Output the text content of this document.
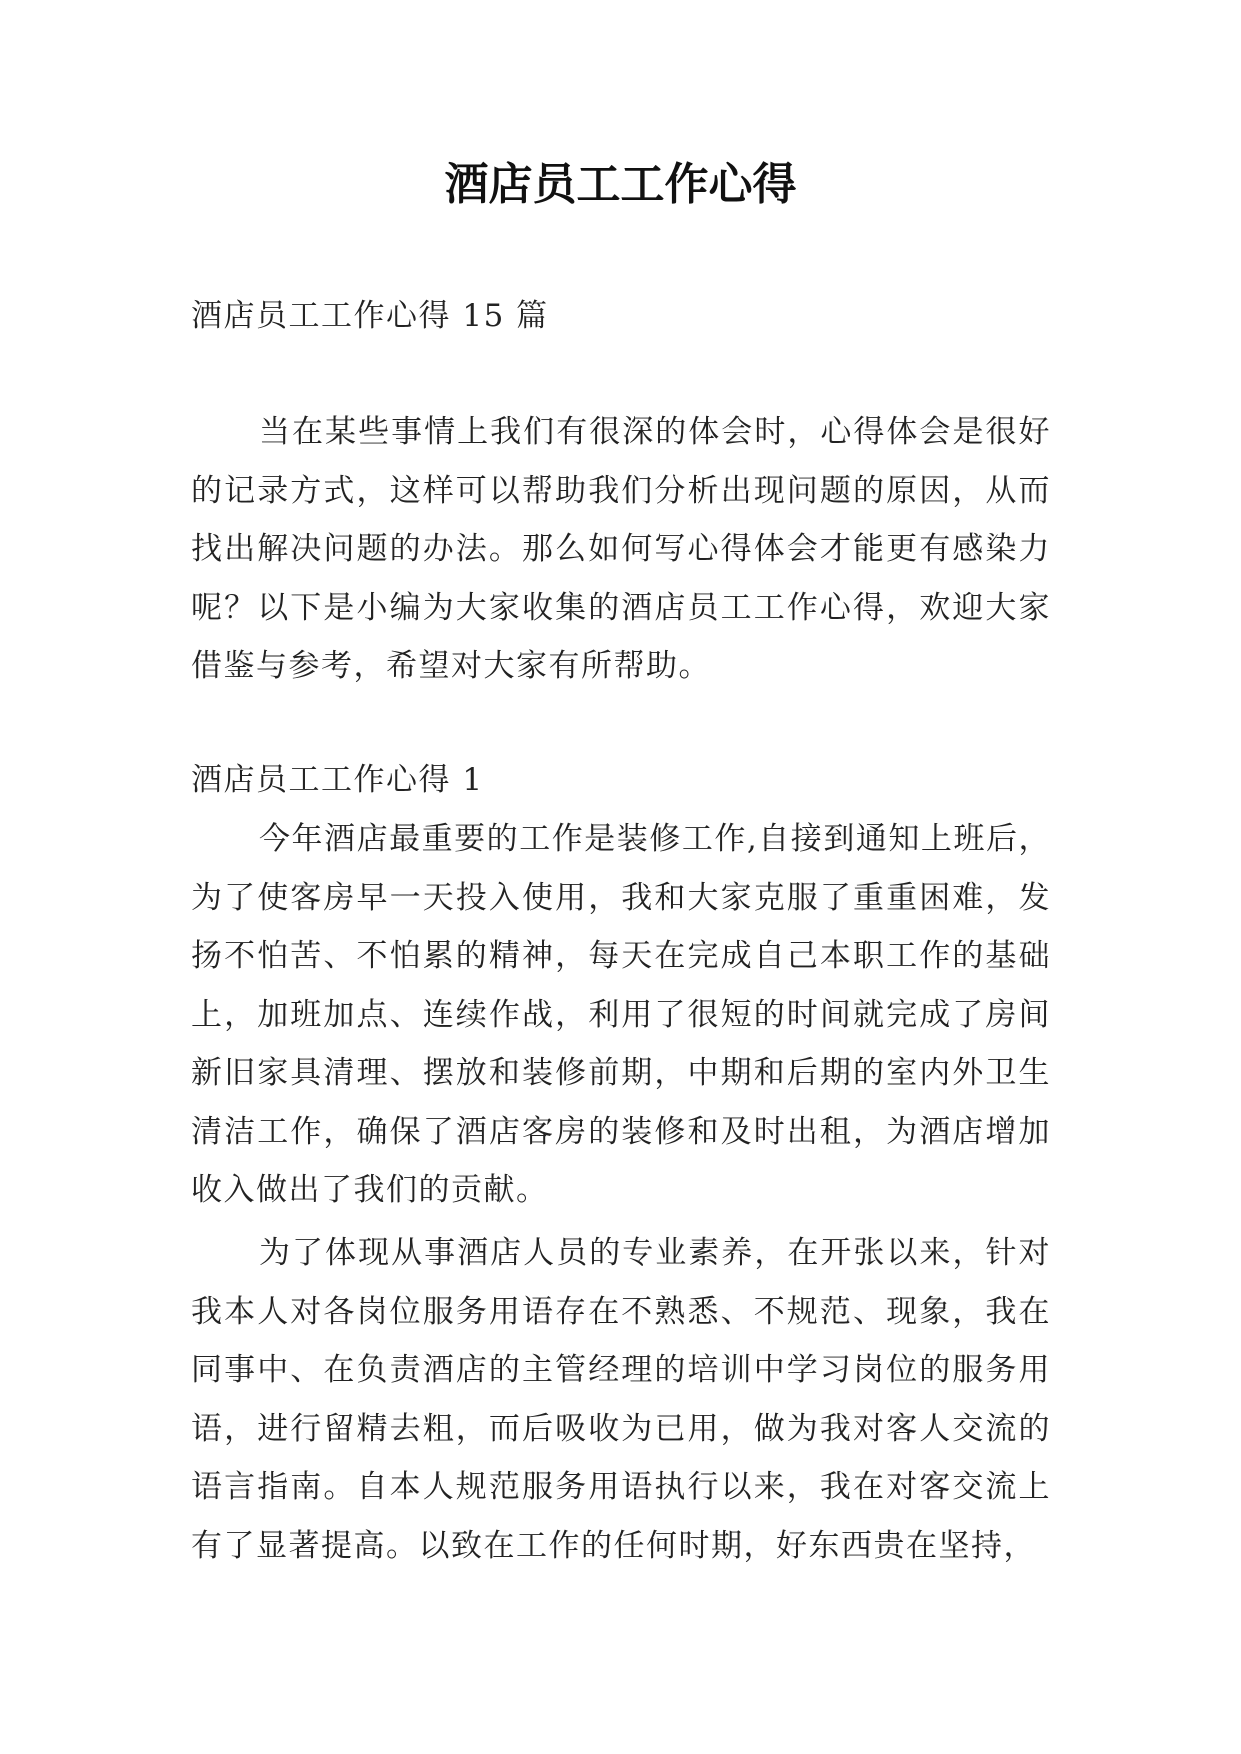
酒店员工工作心得

酒店员工工作心得 15 篇

当在某些事情上我们有很深的体会时，心得体会是很好的记录方式，这样可以帮助我们分析出现问题的原因，从而找出解决问题的办法。那么如何写心得体会才能更有感染力呢？以下是小编为大家收集的酒店员工工作心得，欢迎大家借鉴与参考，希望对大家有所帮助。

酒店员工工作心得 1

今年酒店最重要的工作是装修工作,自接到通知上班后，为了使客房早一天投入使用，我和大家克服了重重困难，发扬不怕苦、不怕累的精神，每天在完成自己本职工作的基础上，加班加点、连续作战，利用了很短的时间就完成了房间新旧家具清理、摆放和装修前期，中期和后期的室内外卫生清洁工作，确保了酒店客房的装修和及时出租，为酒店增加收入做出了我们的贡献。

为了体现从事酒店人员的专业素养，在开张以来，针对我本人对各岗位服务用语存在不熟悉、不规范、现象，我在同事中、在负责酒店的主管经理的培训中学习岗位的服务用语，进行留精去粗，而后吸收为已用，做为我对客人交流的语言指南。自本人规范服务用语执行以来，我在对客交流上有了显著提高。以致在工作的任何时期，好东西贵在坚持，
